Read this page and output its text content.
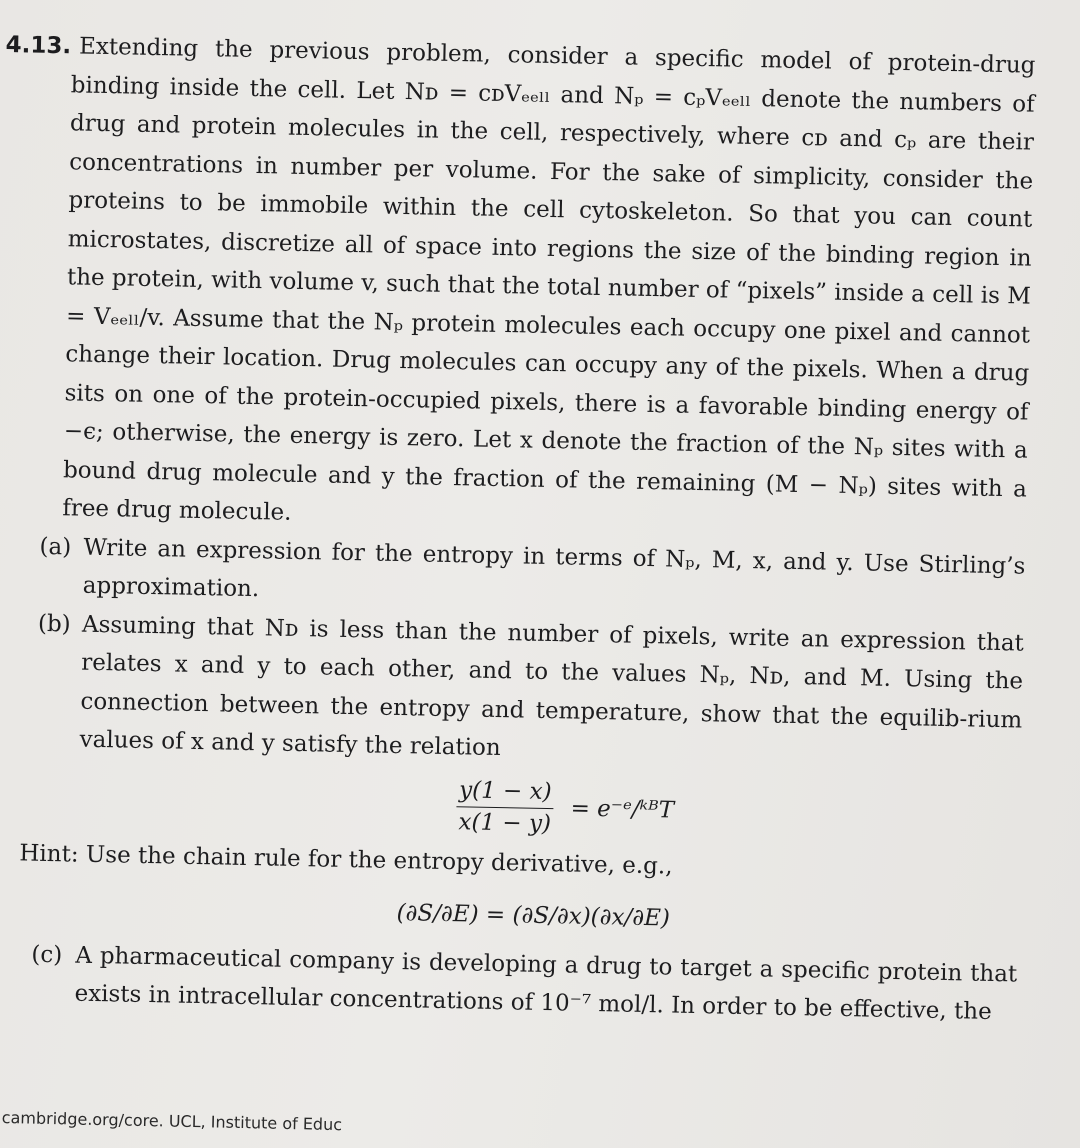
4.13. Extending the previous problem, consider a specific model of protein-drug binding inside the cell. Let Nᴅ = cᴅVₑₑₗₗ and Nₚ = cₚVₑₑₗₗ denote the numbers of drug and protein molecules in the cell, respectively, where cᴅ and cₚ are their concentrations in number per volume. For the sake of simplicity, consider the proteins to be immobile within the cell cytoskeleton. So that you can count microstates, discretize all of space into regions the size of the binding region in the protein, with volume v, such that the total number of “pixels” inside a cell is M = Vₑₑₗₗ/v. Assume that the Nₚ protein molecules each occupy one pixel and cannot change their location. Drug molecules can occupy any of the pixels. When a drug sits on one of the protein-occupied pixels, there is a favorable binding energy of −ϵ; otherwise, the energy is zero. Let x denote the fraction of the Nₚ sites with a bound drug molecule and y the fraction of the remaining (M − Nₚ) sites with a free drug molecule.

(a) Write an expression for the entropy in terms of Nₚ, M, x, and y. Use Stirling’s approximation.

(b) Assuming that Nᴅ is less than the number of pixels, write an expression that relates x and y to each other, and to the values Nₚ, Nᴅ, and M. Using the connection between the entropy and temperature, show that the equilib-rium values of x and y satisfy the relation

$\frac{y(1 - x)}{x(1 - y)}$ = e⁻ᵉ/ᵏᴮT

Hint: Use the chain rule for the entropy derivative, e.g.,

(∂S/∂E) = (∂S/∂x)(∂x/∂E)

(c) A pharmaceutical company is developing a drug to target a specific protein that exists in intracellular concentrations of 10⁻⁷ mol/l. In order to be effective, the

cambridge.org/core. UCL, Institute of Educ
